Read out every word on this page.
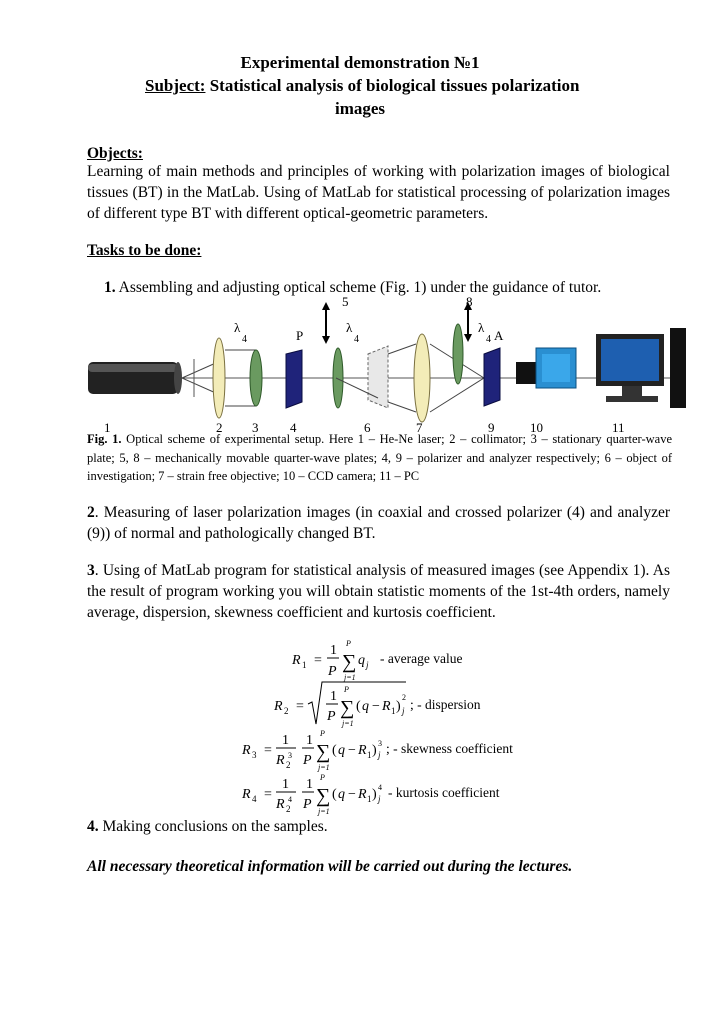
Experimental demonstration №1
Subject: Statistical analysis of biological tissues polarization
images
Objects:
Learning of main methods and principles of working with polarization images of biological tissues (BT) in the MatLab. Using of MatLab for statistical processing of polarization images of different type BT with different optical-geometric parameters.
Tasks to be done:
1. Assembling and adjusting optical scheme (Fig. 1) under the guidance of tutor.
λ
4	P
5
λ
4
8
λ
4 A
1	2 3 4	6	7	9	10	11
Fig. 1. Optical scheme of experimental setup. Here 1 – He-Ne laser; 2 – collimator; 3 – stationary quarter-wave plate; 5, 8 – mechanically movable quarter-wave plates; 4, 9 – polarizer and analyzer respectively; 6 – object of investigation; 7 – strain free objective; 10 – CCD camera; 11 – PC
2. Measuring of laser polarization images (in coaxial and crossed polarizer (4) and analyzer (9)) of normal and pathologically changed BT.
3. Using of MatLab program for statistical analysis of measured images (see Appendix 1). As the result of program working you will obtain statistic moments of the 1st-4th orders, namely average, dispersion, skewness coefficient and kurtosis coefficient.
R 1 =
1
P ∑
P
j=1
q j
R 2 =
1
P ∑
P
j=1
( q − R 1 )
2
j
R 3 =
1
R 2
3
1
P ∑
P
j=1
( q − R 1 ) 3
j
R 4 =
1
R 2
4
1
P ∑
P
j=1
( q − R 1 ) 4
j
- average value
; - dispersion
; - skewness coefficient
- kurtosis coefficient
4. Making conclusions on the samples.
All necessary theoretical information will be carried out during the lectures.
